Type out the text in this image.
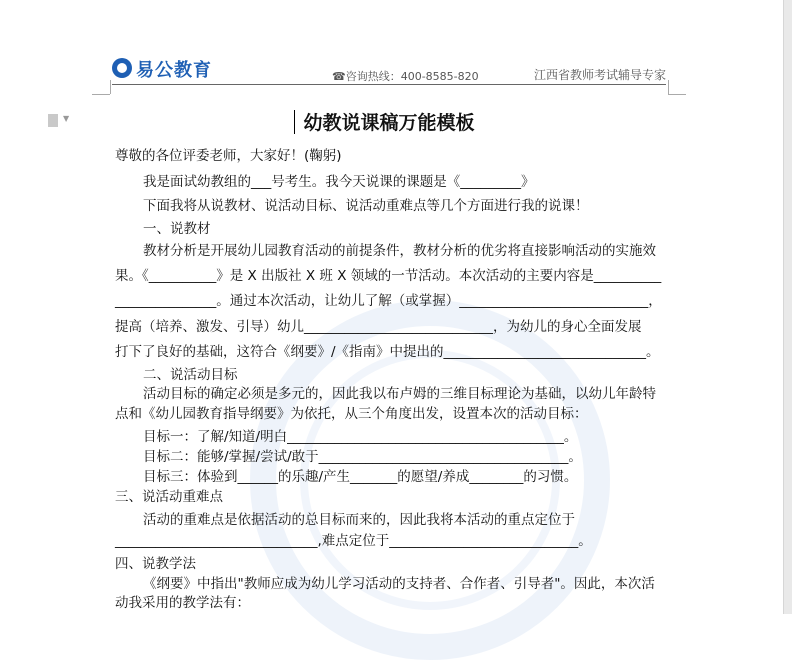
易公教育	☎咨询热线：400-8585-820	江西省教师考试辅导专家
▼	幼教说课稿万能模板
尊敬的各位评委老师，大家好！(鞠躬)
我是面试幼教组的___号考生。我今天说课的课题是《_________》
下面我将从说教材、说活动目标、说活动重难点等几个方面进行我的说课！
一、说教材
教材分析是开展幼儿园教育活动的前提条件，教材分析的优劣将直接影响活动的实施效
果。《__________》是 X 出版社 X 班 X 领域的一节活动。本次活动的主要内容是__________
_______________。通过本次活动，让幼儿了解（或掌握）____________________________，
提高（培养、激发、引导）幼儿____________________________，为幼儿的身心全面发展
打下了良好的基础，这符合《纲要》/《指南》中提出的______________________________。
二、说活动目标
活动目标的确定必须是多元的，因此我以布卢姆的三维目标理论为基础，以幼儿年龄特
点和《幼儿园教育指导纲要》为依托，从三个角度出发，设置本次的活动目标：
目标一：了解/知道/明白_________________________________________。
目标二：能够/掌握/尝试/敢于_____________________________________。
目标三：体验到______的乐趣/产生_______的愿望/养成________的习惯。
三、说活动重难点
活动的重难点是依据活动的总目标而来的，因此我将本活动的重点定位于
______________________________,难点定位于____________________________。
四、说教学法
《纲要》中指出"教师应成为幼儿学习活动的支持者、合作者、引导者"。因此，本次活
动我采用的教学法有：
